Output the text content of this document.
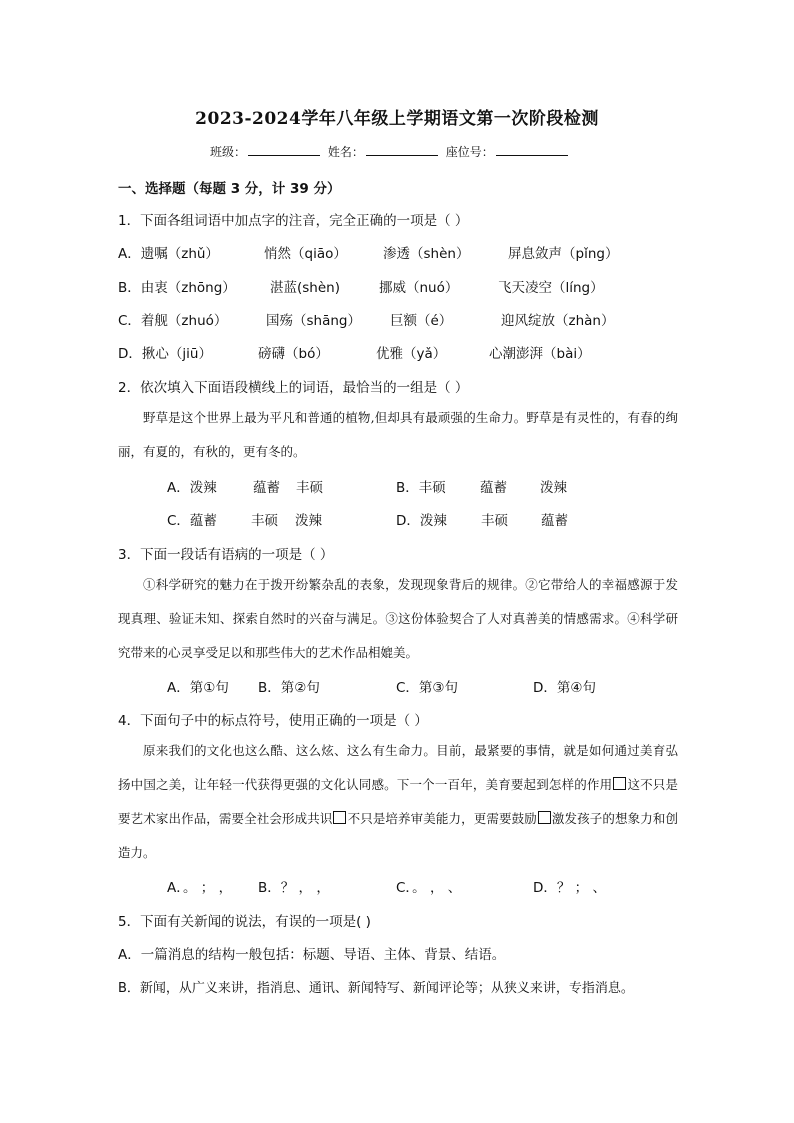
2023-2024学年八年级上学期语文第一次阶段检测
班级：	姓名：	座位号：
一、选择题（每题 3 分，计 39 分）
1．下面各组词语中加点字的注音，完全正确的一项是（ ）
A．遗嘱（zhǔ）	悄然（qiāo）	渗透（shèn）	屏息敛声（pǐng）
B．由衷（zhōng）	湛蓝(shèn)	挪威（nuó）	飞天凌空（líng）
C．着舰（zhuó）	国殇（shāng） 巨额（é）	迎风绽放（zhàn）
D．揪心（jiū）	磅礴（bó）	优雅（yǎ）	心潮澎湃（bài）
2．依次填入下面语段横线上的词语，最恰当的一组是（ ）

野草是这个世界上最为平凡和普通的植物,但却具有最顽强的生命力。野草是有灵性的，有春的绚丽，有夏的，有秋的，更有冬的。

A．泼辣	蕴蓄 丰硕	B．丰硕	蕴蓄 泼辣
C．蕴蓄	丰硕 泼辣	D．泼辣	丰硕 蕴蓄
3．下面一段话有语病的一项是（ ）

①科学研究的魅力在于拨开纷繁杂乱的表象，发现现象背后的规律。②它带给人的幸福感源于发现真理、验证未知、探索自然时的兴奋与满足。③这份体验契合了人对真善美的情感需求。④科学研究带来的心灵享受足以和那些伟大的艺术作品相媲美。

A．第①句 B．第②句	C．第③句	D．第④句
4．下面句子中的标点符号，使用正确的一项是（ ）

原来我们的文化也这么酷、这么炫、这么有生命力。目前，最紧要的事情，就是如何通过美育弘扬中国之美，让年轻一代获得更强的文化认同感。下一个一百年，美育要起到怎样的作用 这不只是要艺术家出作品，需要全社会形成共识 不只是培养审美能力，更需要鼓励 激发孩子的想象力和创造力。

A．。 ； ， B．？ ， ，	C．。 ， 、	D．？ ； 、
5．下面有关新闻的说法，有误的一项是( )
A．一篇消息的结构一般包括：标题、导语、主体、背景、结语。
B．新闻，从广义来讲，指消息、通讯、新闻特写、新闻评论等；从狭义来讲，专指消息。
